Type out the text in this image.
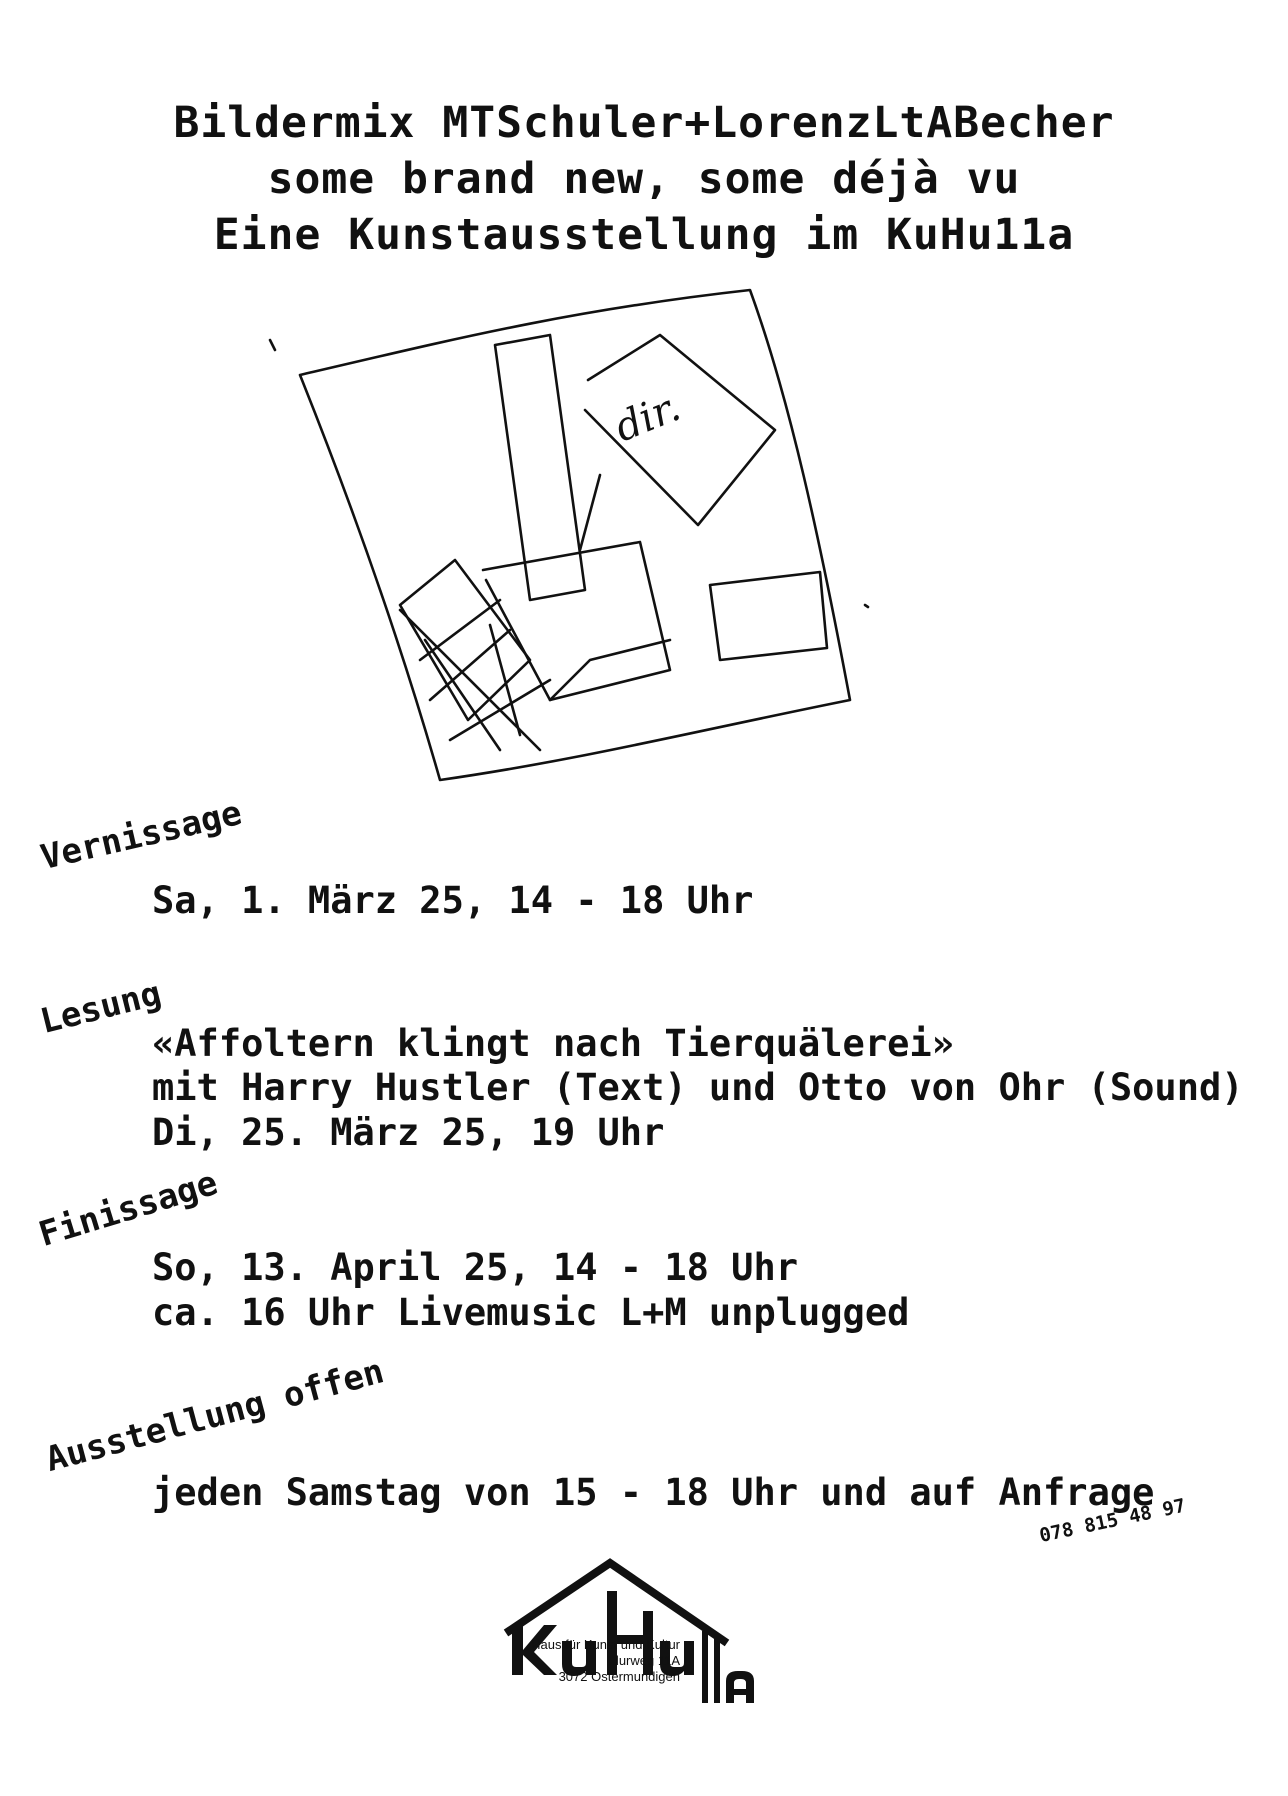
Bildermix MTSchuler+LorenzLtABecher
some brand new, some déjà vu
Eine Kunstausstellung im KuHu11a
dir.
Vernissage
Sa, 1. März 25, 14 - 18 Uhr
Lesung
«Affoltern klingt nach Tierquälerei»
mit Harry Hustler (Text) und Otto von Ohr (Sound)
Di, 25. März 25, 19 Uhr
Finissage
So, 13. April 25, 14 - 18 Uhr
ca. 16 Uhr Livemusic L+M unplugged
Ausstellung offen
jeden Samstag von 15 - 18 Uhr und auf Anfrage
078 815 48 97
Haus für Kunst und Kultur
Flurweg 11A
3072 Ostermundigen
